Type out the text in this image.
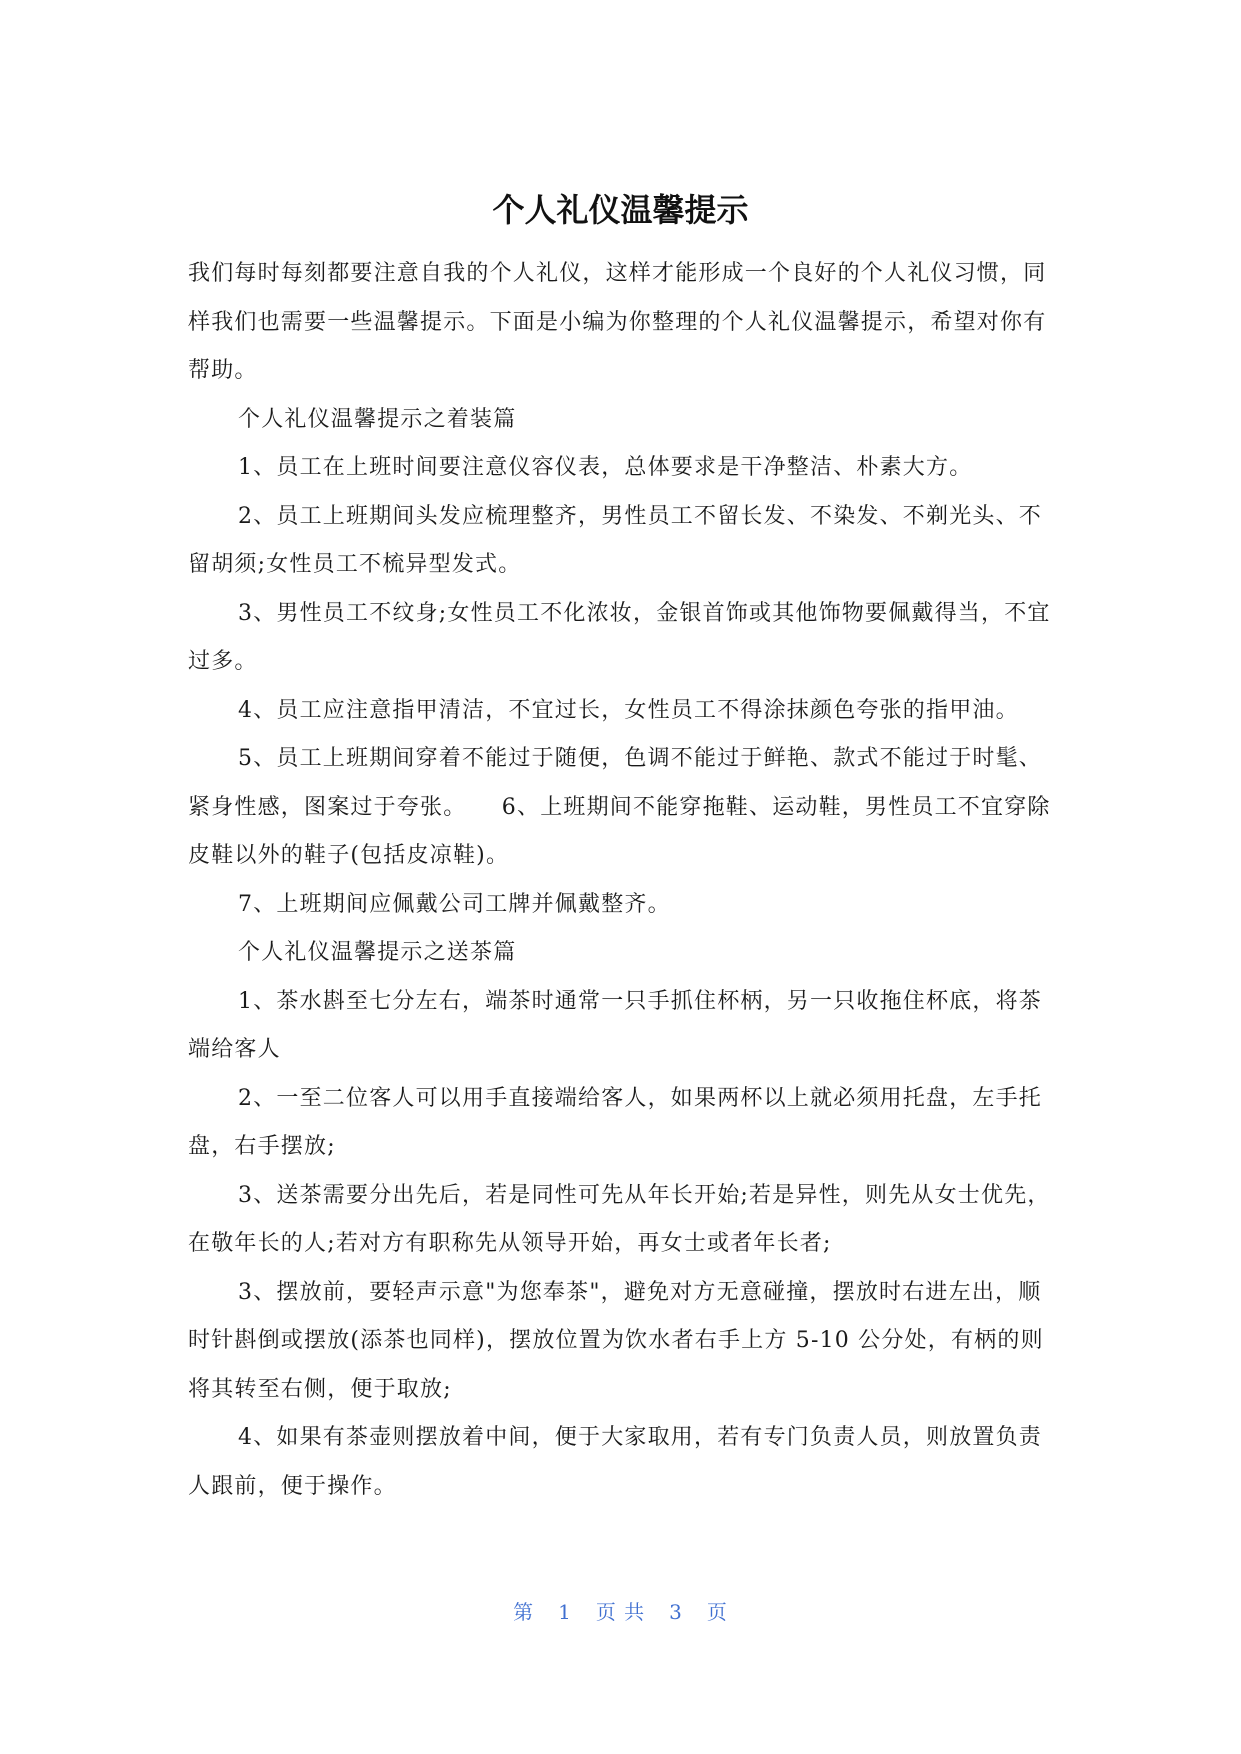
个人礼仪温馨提示

我们每时每刻都要注意自我的个人礼仪，这样才能形成一个良好的个人礼仪习惯，同样我们也需要一些温馨提示。下面是小编为你整理的个人礼仪温馨提示，希望对你有帮助。

个人礼仪温馨提示之着装篇

1、员工在上班时间要注意仪容仪表，总体要求是干净整洁、朴素大方。

2、员工上班期间头发应梳理整齐，男性员工不留长发、不染发、不剃光头、不留胡须;女性员工不梳异型发式。

3、男性员工不纹身;女性员工不化浓妆，金银首饰或其他饰物要佩戴得当，不宜过多。

4、员工应注意指甲清洁，不宜过长，女性员工不得涂抹颜色夸张的指甲油。

5、员工上班期间穿着不能过于随便，色调不能过于鲜艳、款式不能过于时髦、紧身性感，图案过于夸张。　　6、上班期间不能穿拖鞋、运动鞋，男性员工不宜穿除皮鞋以外的鞋子(包括皮凉鞋)。

7、上班期间应佩戴公司工牌并佩戴整齐。

个人礼仪温馨提示之送茶篇

1、茶水斟至七分左右，端茶时通常一只手抓住杯柄，另一只收拖住杯底，将茶端给客人

2、一至二位客人可以用手直接端给客人，如果两杯以上就必须用托盘，左手托盘，右手摆放;

3、送茶需要分出先后，若是同性可先从年长开始;若是异性，则先从女士优先，在敬年长的人;若对方有职称先从领导开始，再女士或者年长者;

3、摆放前，要轻声示意"为您奉茶"，避免对方无意碰撞，摆放时右进左出，顺时针斟倒或摆放(添茶也同样)，摆放位置为饮水者右手上方 5-10 公分处，有柄的则将其转至右侧，便于取放;

4、如果有茶壶则摆放着中间，便于大家取用，若有专门负责人员，则放置负责人跟前，便于操作。

第 1 页 共 3 页
